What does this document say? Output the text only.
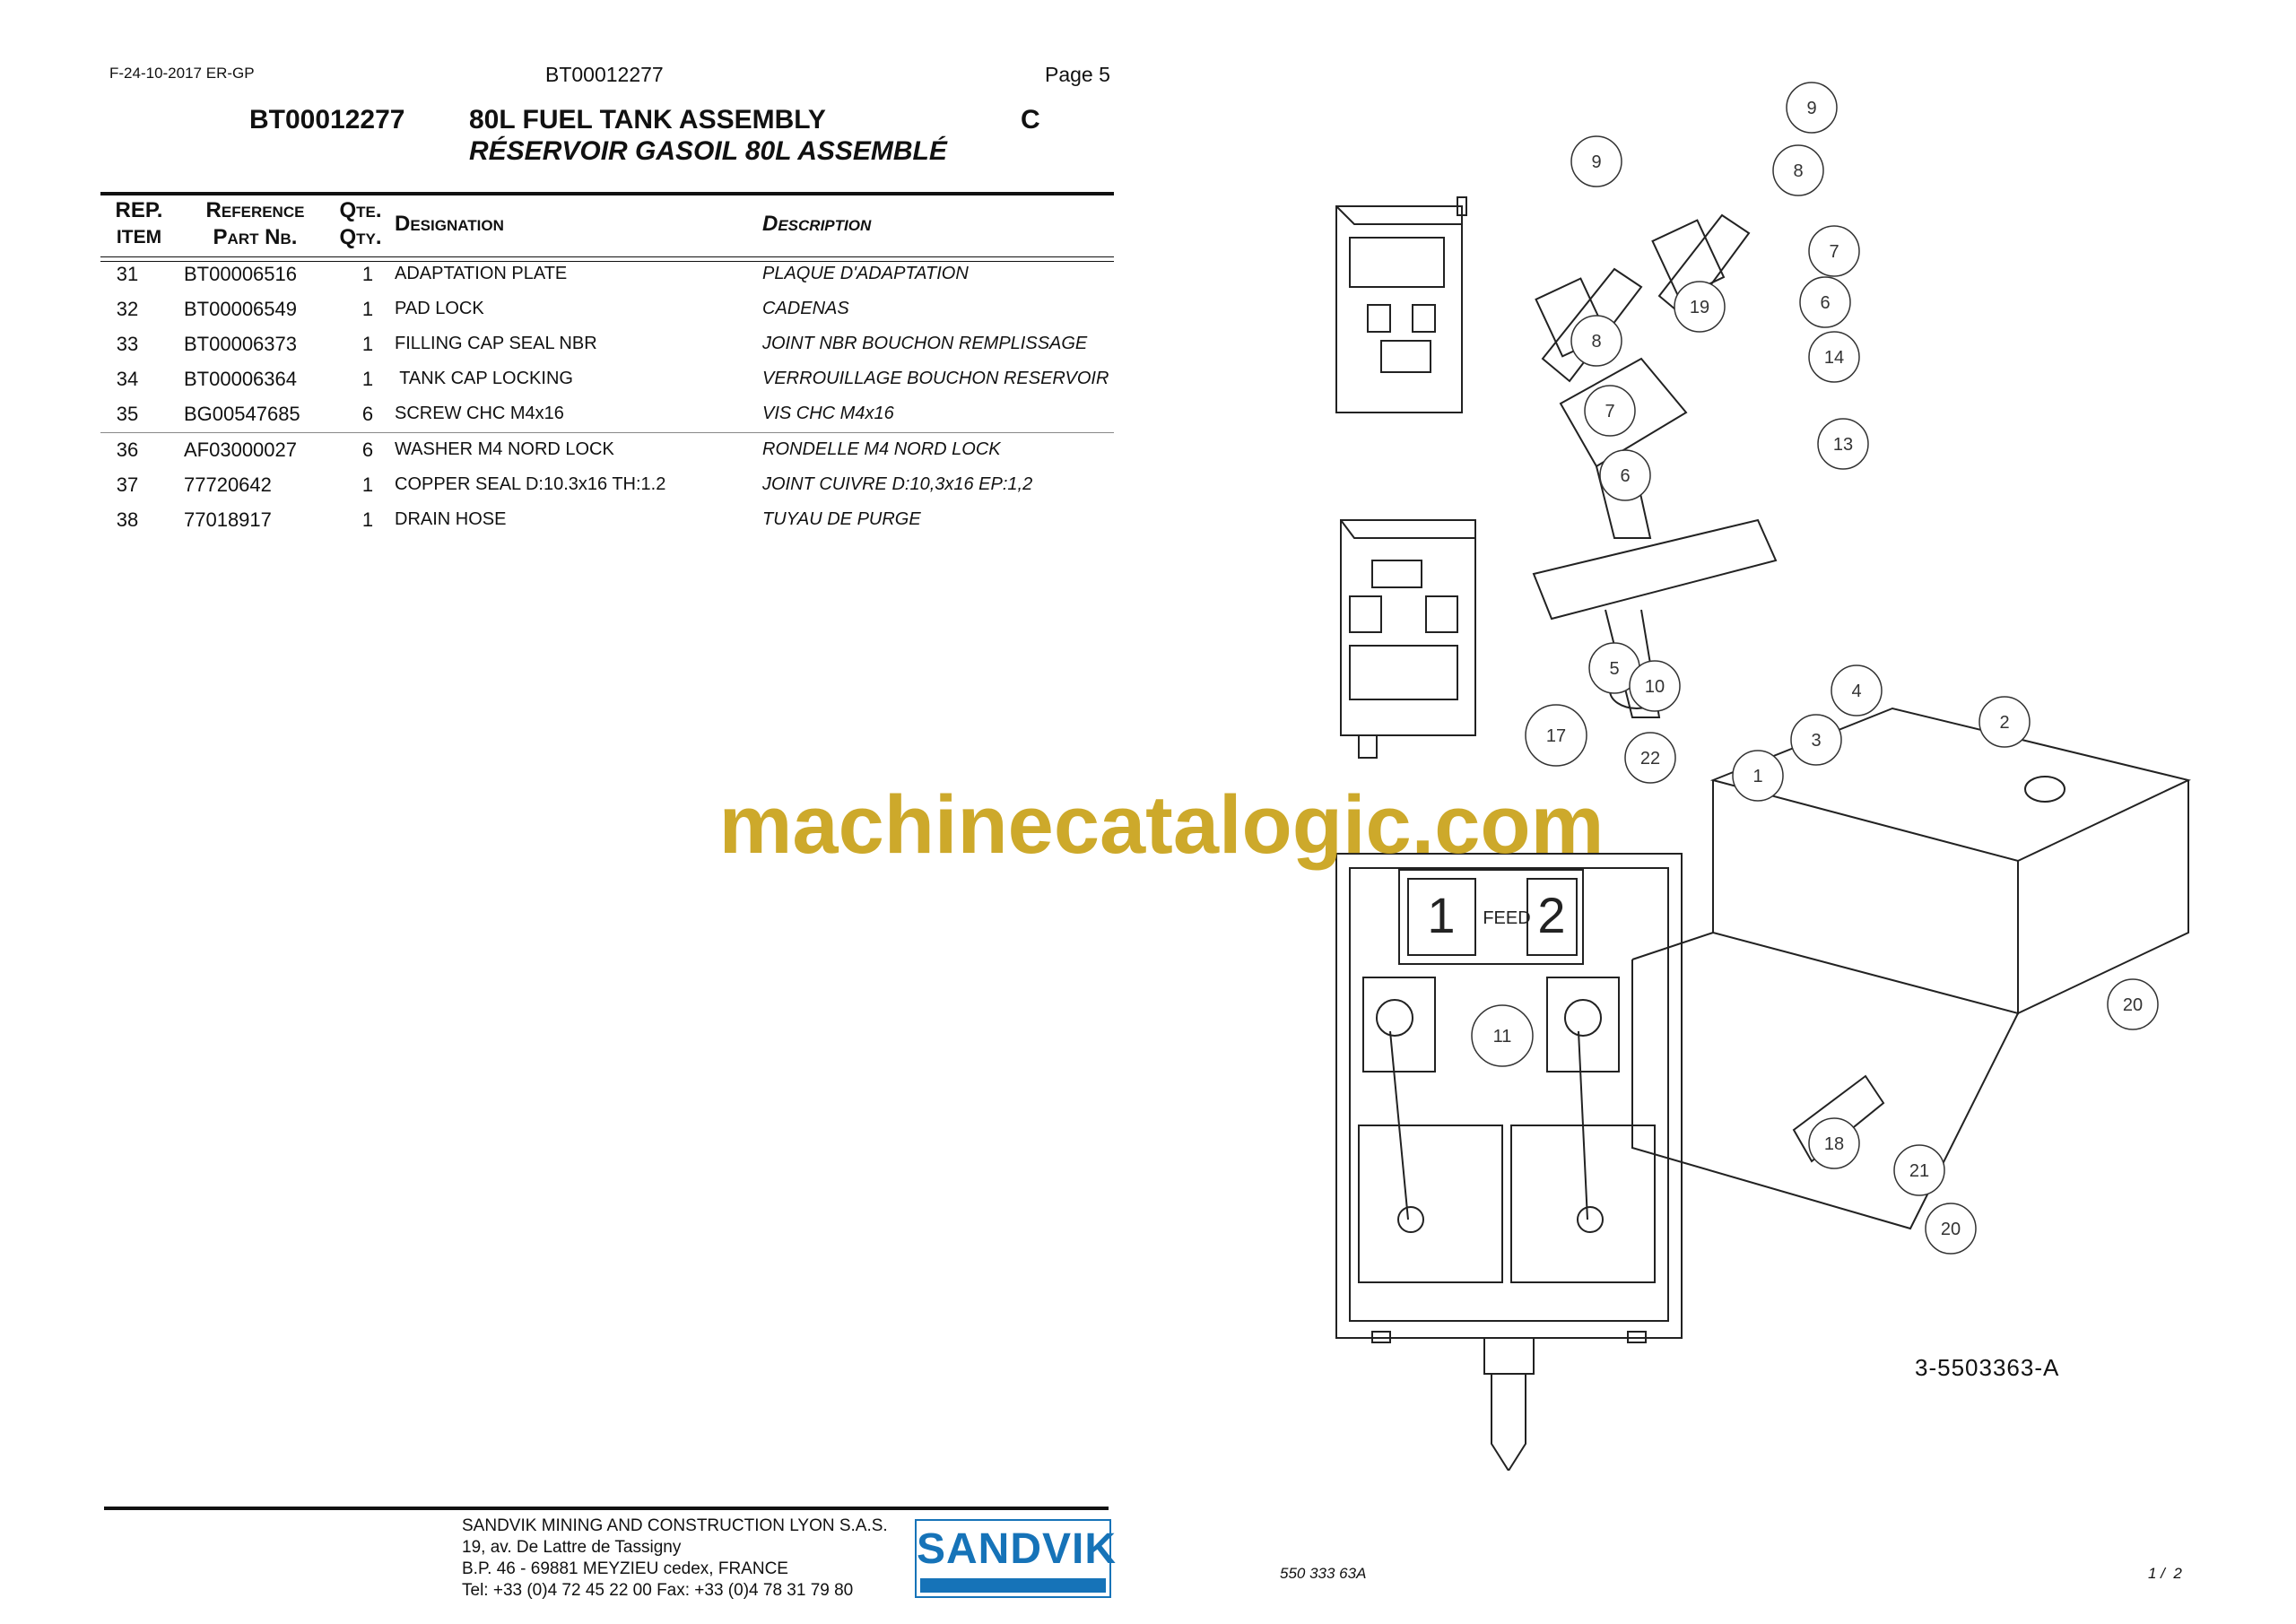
F-24-10-2017 ER-GP	BT00012277	Page 5
BT00012277 80L FUEL TANK ASSEMBLY
RÉSERVOIR GASOIL 80L ASSEMBLÉ
C
REP.
ITEM
Reference
Part Nb.
Qte.
Qty.
Designation	Description
31	BT00006516	1	ADAPTATION PLATE	PLAQUE D'ADAPTATION
32	BT00006549	1	PAD LOCK	CADENAS
33	BT00006373	1	FILLING CAP SEAL NBR	JOINT NBR BOUCHON REMPLISSAGE
34	BT00006364	1	TANK CAP LOCKING	VERROUILLAGE BOUCHON RESERVOIR
35	BG00547685	6	SCREW CHC M4x16	VIS CHC M4x16
36	AF03000027	6	WASHER M4 NORD LOCK	RONDELLE M4 NORD LOCK
37	77720642	1	COPPER SEAL D:10.3x16 TH:1.2	JOINT CUIVRE D:10,3x16 EP:1,2
38	77018917	1	DRAIN HOSE	TUYAU DE PURGE
9
9
8
8
7
7
6
6
19
14
13
5
10
22
17
1
2
3
4
11
20
18
21
20
1 FEED 2
3-5503363-A
machinecatalogic.com
SANDVIK MINING AND CONSTRUCTION LYON S.A.S.
19, av. De Lattre de Tassigny
B.P. 46 - 69881 MEYZIEU cedex, FRANCE
Tel: +33 (0)4 72 45 22 00 Fax: +33 (0)4 78 31 79 80
SANDVIK
550 333 63A	1 /  2
